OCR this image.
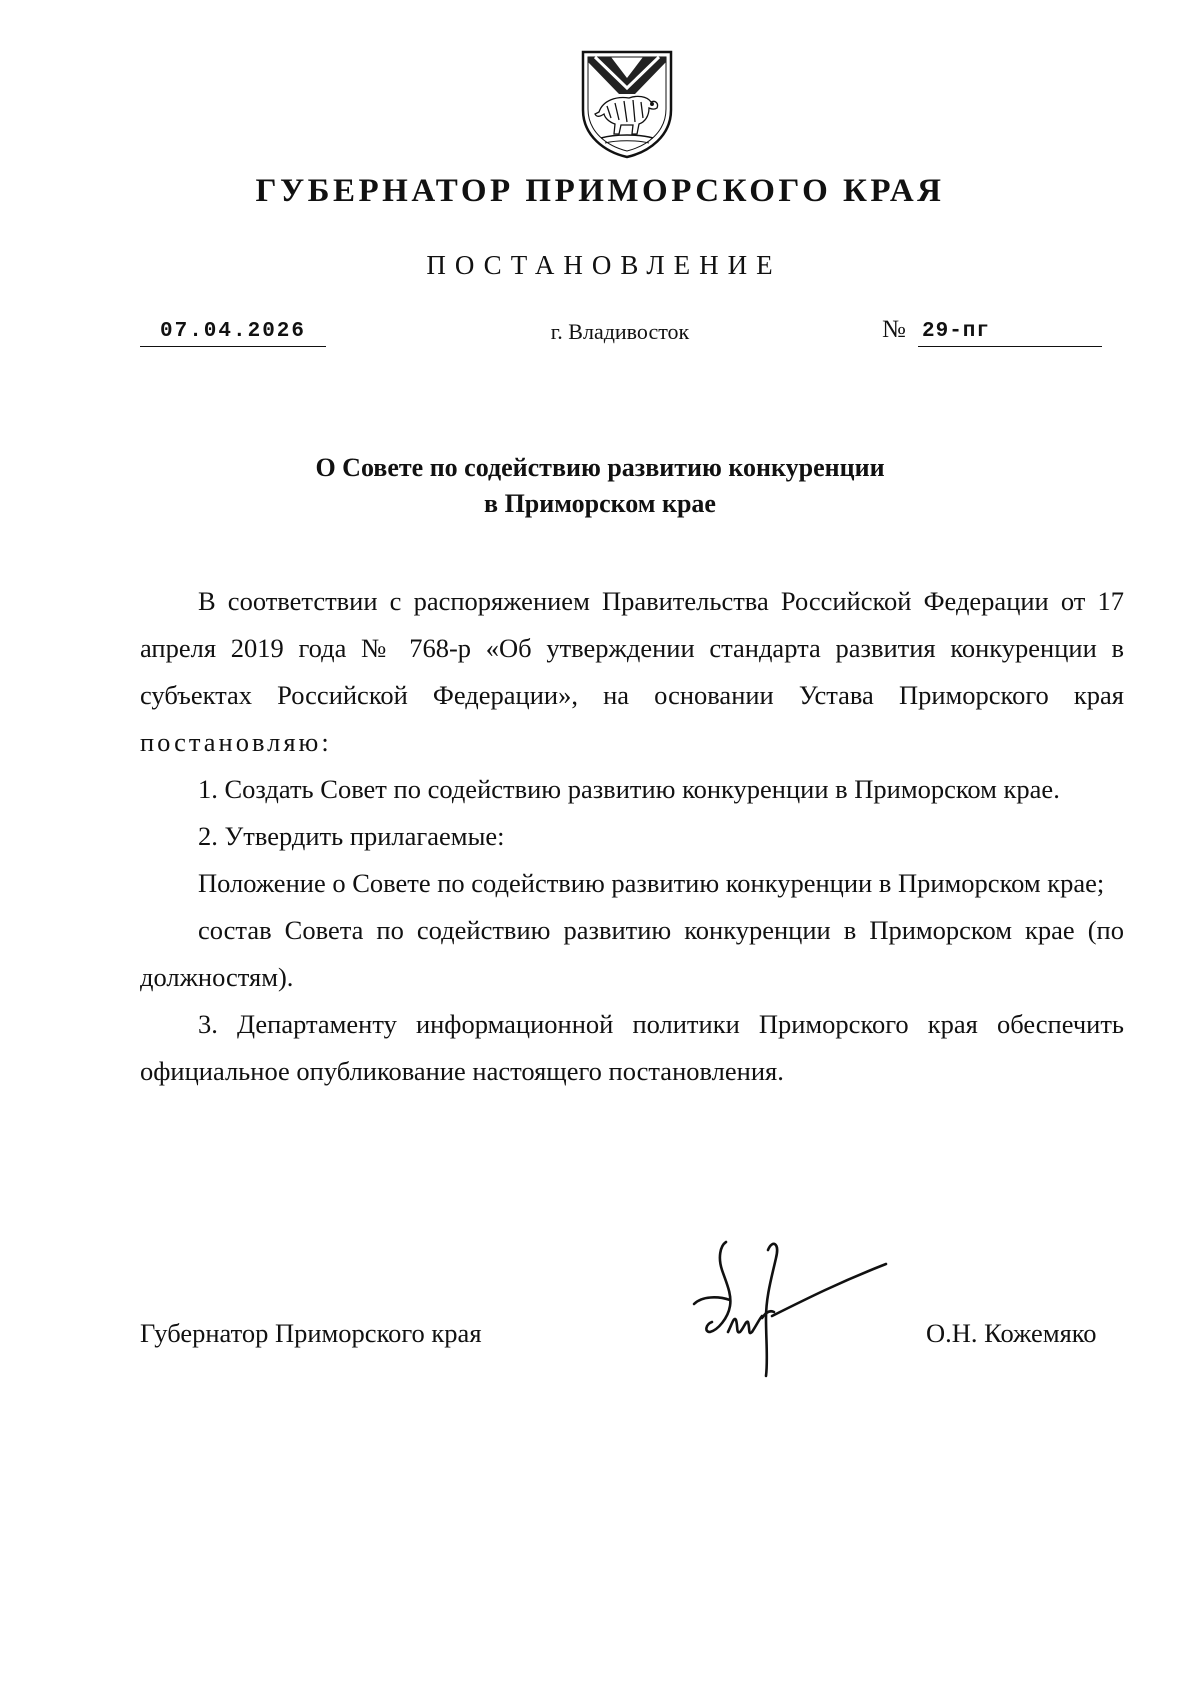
ГУБЕРНАТОР ПРИМОРСКОГО КРАЯ
ПОСТАНОВЛЕНИЕ
07.04.2026	г. Владивосток	№ 29-пг
О Совете по содействию развитию конкуренции
в Приморском крае

В соответствии с распоряжением Правительства Российской Федерации от 17 апреля 2019 года № 768-р «Об утверждении стандарта развития конкуренции в субъектах Российской Федерации», на основании Устава Приморского края постановляю:

1. Создать Совет по содействию развитию конкуренции в Приморском крае.

2. Утвердить прилагаемые:

Положение о Совете по содействию развитию конкуренции в Приморском крае;

состав Совета по содействию развитию конкуренции в Приморском крае (по должностям).

3. Департаменту информационной политики Приморского края обеспечить официальное опубликование настоящего постановления.

Губернатор Приморского края	О.Н. Кожемяко
